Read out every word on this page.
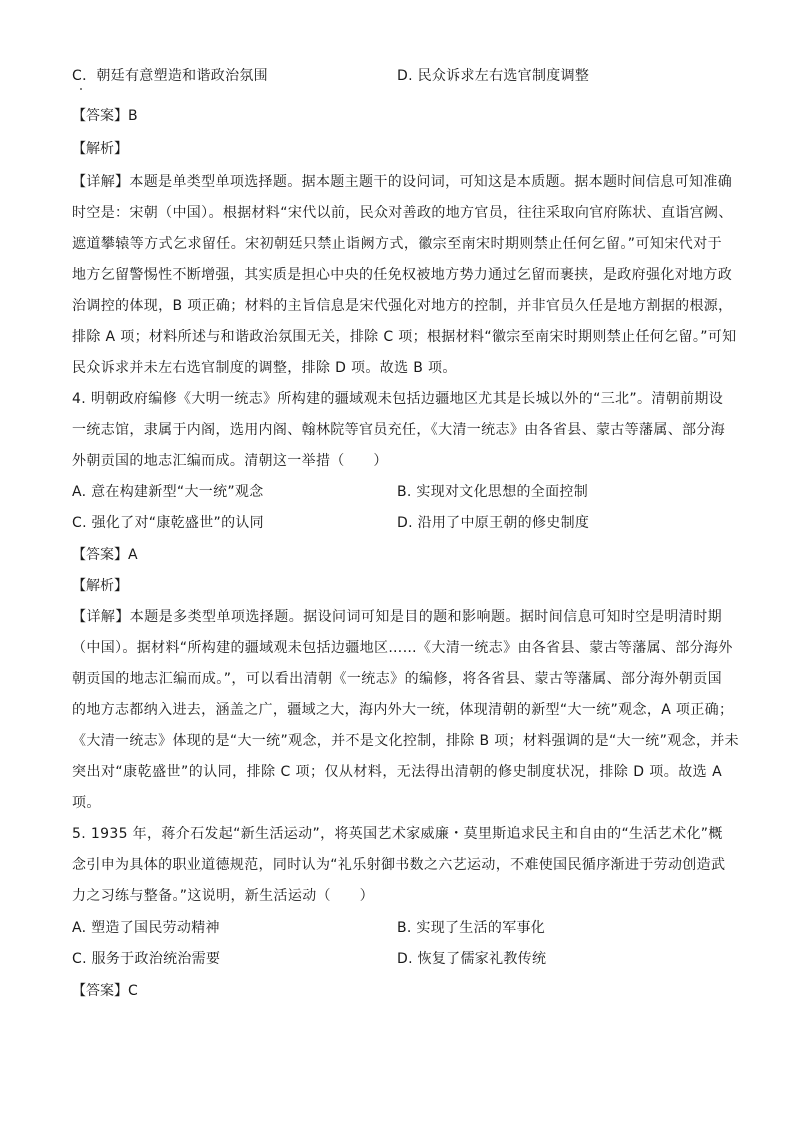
C．朝廷有意塑造和谐政治氛围	D. 民众诉求左右选官制度调整
【答案】B
【解析】
【详解】本题是单类型单项选择题。据本题主题干的设问词，可知这是本质题。据本题时间信息可知准确
时空是：宋朝（中国）。根据材料“宋代以前，民众对善政的地方官员，往往采取向官府陈状、直诣宫阙、
遮道攀辕等方式乞求留任。宋初朝廷只禁止诣阙方式，徽宗至南宋时期则禁止任何乞留。”可知宋代对于
地方乞留警惕性不断增强，其实质是担心中央的任免权被地方势力通过乞留而裹挟，是政府强化对地方政
治调控的体现，B 项正确；材料的主旨信息是宋代强化对地方的控制，并非官员久任是地方割据的根源，
排除 A 项；材料所述与和谐政治氛围无关，排除 C 项；根据材料“徽宗至南宋时期则禁止任何乞留。”可知
民众诉求并未左右选官制度的调整，排除 D 项。故选 B 项。
4. 明朝政府编修《大明一统志》所构建的疆域观未包括边疆地区尤其是长城以外的“三北”。清朝前期设
一统志馆，隶属于内阁，选用内阁、翰林院等官员充任，《大清一统志》由各省县、蒙古等藩属、部分海
外朝贡国的地志汇编而成。清朝这一举措（　　）
A. 意在构建新型“大一统”观念	B. 实现对文化思想的全面控制
C. 强化了对“康乾盛世”的认同	D. 沿用了中原王朝的修史制度
【答案】A
【解析】
【详解】本题是多类型单项选择题。据设问词可知是目的题和影响题。据时间信息可知时空是明清时期
（中国）。据材料“所构建的疆域观未包括边疆地区……《大清一统志》由各省县、蒙古等藩属、部分海外
朝贡国的地志汇编而成。”，可以看出清朝《一统志》的编修，将各省县、蒙古等藩属、部分海外朝贡国
的地方志都纳入进去，涵盖之广，疆域之大，海内外大一统，体现清朝的新型“大一统”观念，A 项正确；
《大清一统志》体现的是“大一统”观念，并不是文化控制，排除 B 项；材料强调的是“大一统”观念，并未
突出对“康乾盛世”的认同，排除 C 项；仅从材料，无法得出清朝的修史制度状况，排除 D 项。故选 A
项。
5. 1935 年，蒋介石发起“新生活运动”，将英国艺术家威廉・莫里斯追求民主和自由的“生活艺术化”概
念引申为具体的职业道德规范，同时认为“礼乐射御书数之六艺运动，不难使国民循序渐进于劳动创造武
力之习练与整备。”这说明，新生活运动（　　）
A. 塑造了国民劳动精神	B. 实现了生活的军事化
C. 服务于政治统治需要	D. 恢复了儒家礼教传统
【答案】C
